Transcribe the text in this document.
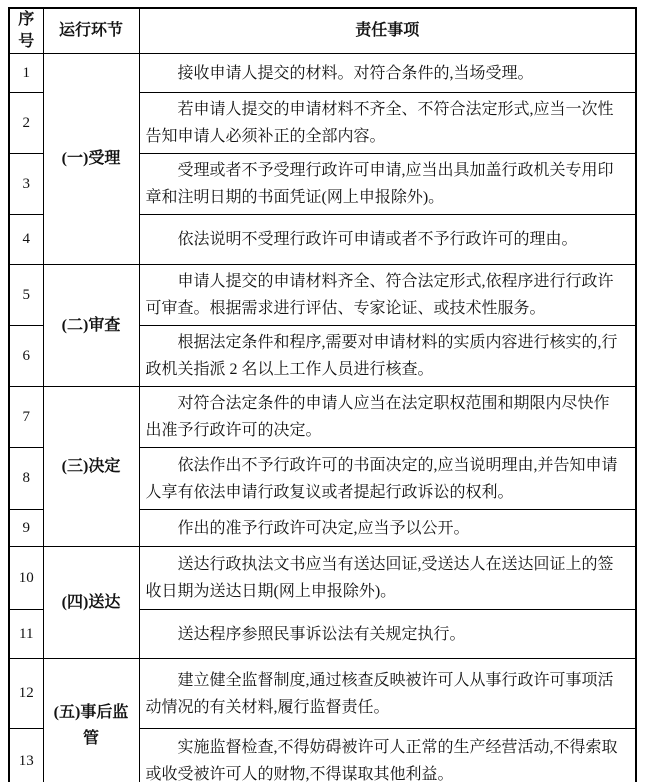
序号	运行环节	责任事项
1	(一)受理	接收申请人提交的材料。对符合条件的,当场受理。

2		若申请人提交的申请材料不齐全、不符合法定形式,应当一次性告知申请人必须补正的全部内容。

3		受理或者不予受理行政许可申请,应当出具加盖行政机关专用印章和注明日期的书面凭证(网上申报除外)。

4		依法说明不受理行政许可申请或者不予行政许可的理由。

5	(二)审查	申请人提交的申请材料齐全、符合法定形式,依程序进行行政许可审查。根据需求进行评估、专家论证、或技术性服务。

6		根据法定条件和程序,需要对申请材料的实质内容进行核实的,行政机关指派 2 名以上工作人员进行核查。

7	(三)决定	对符合法定条件的申请人应当在法定职权范围和期限内尽快作出准予行政许可的决定。

8		依法作出不予行政许可的书面决定的,应当说明理由,并告知申请人享有依法申请行政复议或者提起行政诉讼的权利。

9		作出的准予行政许可决定,应当予以公开。

10	(四)送达	送达行政执法文书应当有送达回证,受送达人在送达回证上的签收日期为送达日期(网上申报除外)。

11		送达程序参照民事诉讼法有关规定执行。

12	(五)事后监管	建立健全监督制度,通过核查反映被许可人从事行政许可事项活动情况的有关材料,履行监督责任。

13		实施监督检查,不得妨碍被许可人正常的生产经营活动,不得索取或收受被许可人的财物,不得谋取其他利益。
